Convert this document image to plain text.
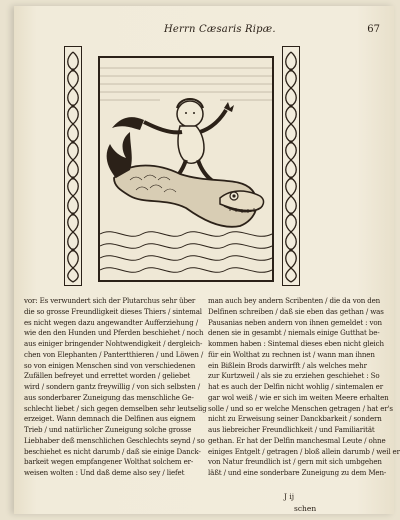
Herrn Cæsaris Ripæ.	67
vor: Es verwundert sich der Plutarchus sehr über
die so grosse Freundligkeit dieses Thiers / sintemal
es nicht wegen dazu angewandter Aufferziehung /
wie den den Hunden und Pferden beschiehet / noch
aus einiger bringender Nohtwendigkeit / dergleich-
chen von Elephanten / Pantertthieren / und Löwen /
so von einigen Menschen sind von verschiedenen
Zufällen befreyet und errettet worden / geliebet
wird / sondern gantz freywillig / von sich selbsten /
aus sonderbarer Zuneigung das menschliche Ge-
schlecht liebet / sich gegen demselben sehr leutselig
erzeiget. Wann demnach die Delfinen aus eignem
Trieb / und natürlicher Zuneigung solche grosse
Liebhaber deß menschlichen Geschlechts seynd / so
beschiehet es nicht darumb / daß sie einige Danck-
barkeit wegen empfangener Wolthat solchem er-
weisen wolten : Und daß deme also sey / liefet
man auch bey andern Scribenten / die da von den
Delfinen schreiben / daß sie eben das gethan / was
Pausanias neben andern von ihnen gemeldet : von
denen sie in gesambt / niemals einige Gutthat be-
kommen haben : Sintemal dieses eben nicht gleich
für ein Wolthat zu rechnen ist / wann man ihnen
ein Bißlein Brods darwirfft / als welches mehr
zur Kurtzweil / als sie zu erziehen geschiehet : So
hat es auch der Delfin nicht wohlig / sintemalen er
gar wol weiß / wie er sich im weiten Meere erhalten
solle / und so er welche Menschen getragen / hat er's
nicht zu Erweisung seiner Danckbarkeit / sondern
aus liebreicher Freundlichkeit / und Familiarität
gethan. Er hat der Delfin manchesmal Leute / ohne
einiges Entgelt / getragen / bloß allein darumb / weil er
von Natur freundlich ist / gern mit sich umbgehen
läßt / und eine sonderbare Zuneigung zu dem Men-
J ij
schen
